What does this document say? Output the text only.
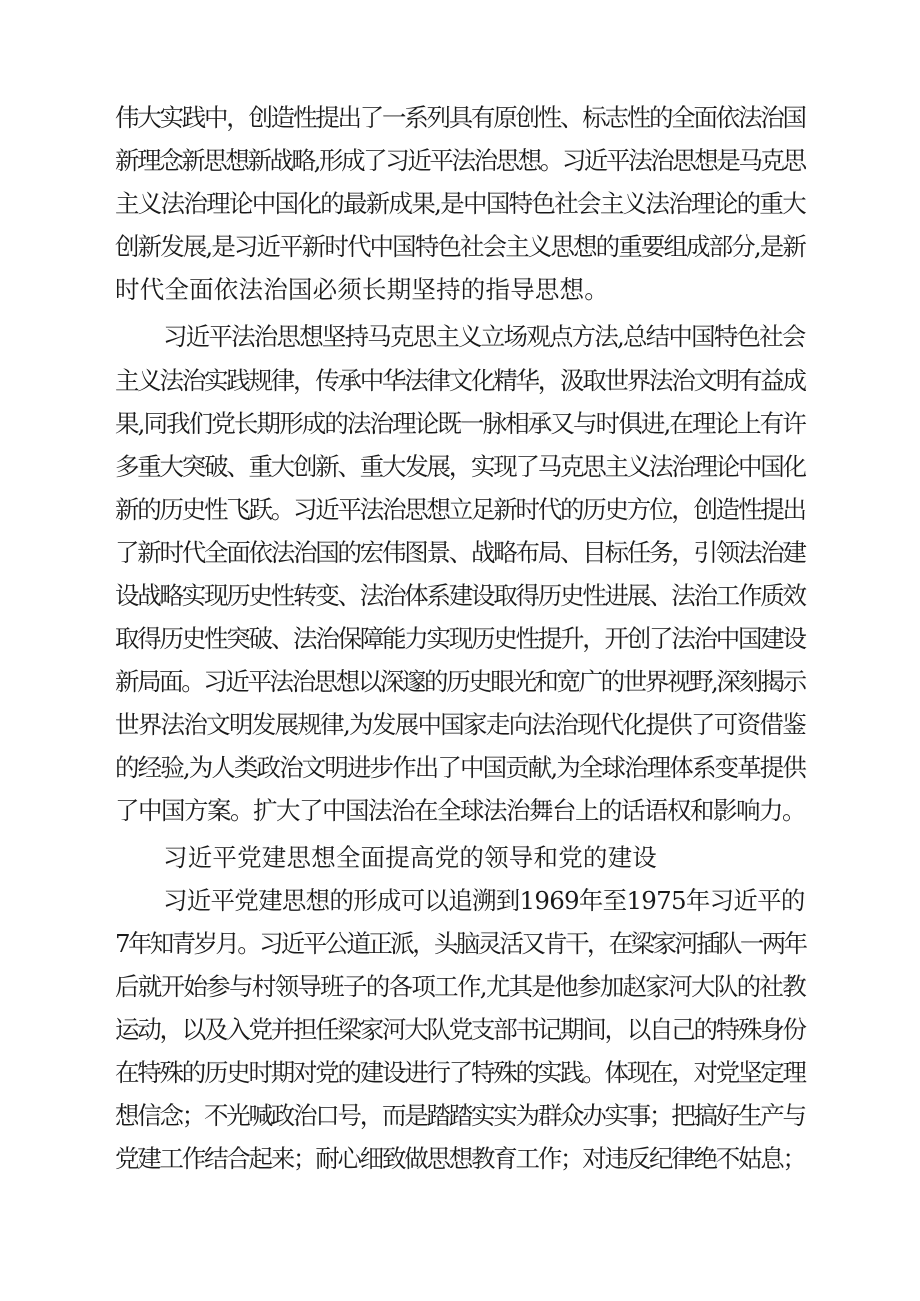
伟大实践中，创造性提出了一系列具有原创性、标志性的全面依法治国
新理念新思想新战略,形成了习近平法治思想。习近平法治思想是马克思
主义法治理论中国化的最新成果,是中国特色社会主义法治理论的重大
创新发展,是习近平新时代中国特色社会主义思想的重要组成部分,是新
时代全面依法治国必须长期坚持的指导思想。
习近平法治思想坚持马克思主义立场观点方法,总结中国特色社会
主义法治实践规律，传承中华法律文化精华，汲取世界法治文明有益成
果,同我们党长期形成的法治理论既一脉相承又与时俱进,在理论上有许
多重大突破、重大创新、重大发展，实现了马克思主义法治理论中国化
新的历史性飞跃。习近平法治思想立足新时代的历史方位，创造性提出
了新时代全面依法治国的宏伟图景、战略布局、目标任务，引领法治建
设战略实现历史性转变、法治体系建设取得历史性进展、法治工作质效
取得历史性突破、法治保障能力实现历史性提升，开创了法治中国建设
新局面。习近平法治思想以深邃的历史眼光和宽广的世界视野,深刻揭示
世界法治文明发展规律,为发展中国家走向法治现代化提供了可资借鉴
的经验,为人类政治文明进步作出了中国贡献,为全球治理体系变革提供
了中国方案。扩大了中国法治在全球法治舞台上的话语权和影响力。
习近平党建思想全面提高党的领导和党的建设
习近平党建思想的形成可以追溯到1969年至1975年习近平的
7年知青岁月。习近平公道正派，头脑灵活又肯干，在梁家河插队一两年
后就开始参与村领导班子的各项工作,尤其是他参加赵家河大队的社教
运动，以及入党并担任梁家河大队党支部书记期间，以自己的特殊身份
在特殊的历史时期对党的建设进行了特殊的实践。体现在，对党坚定理
想信念；不光喊政治口号，而是踏踏实实为群众办实事；把搞好生产与
党建工作结合起来；耐心细致做思想教育工作；对违反纪律绝不姑息；
